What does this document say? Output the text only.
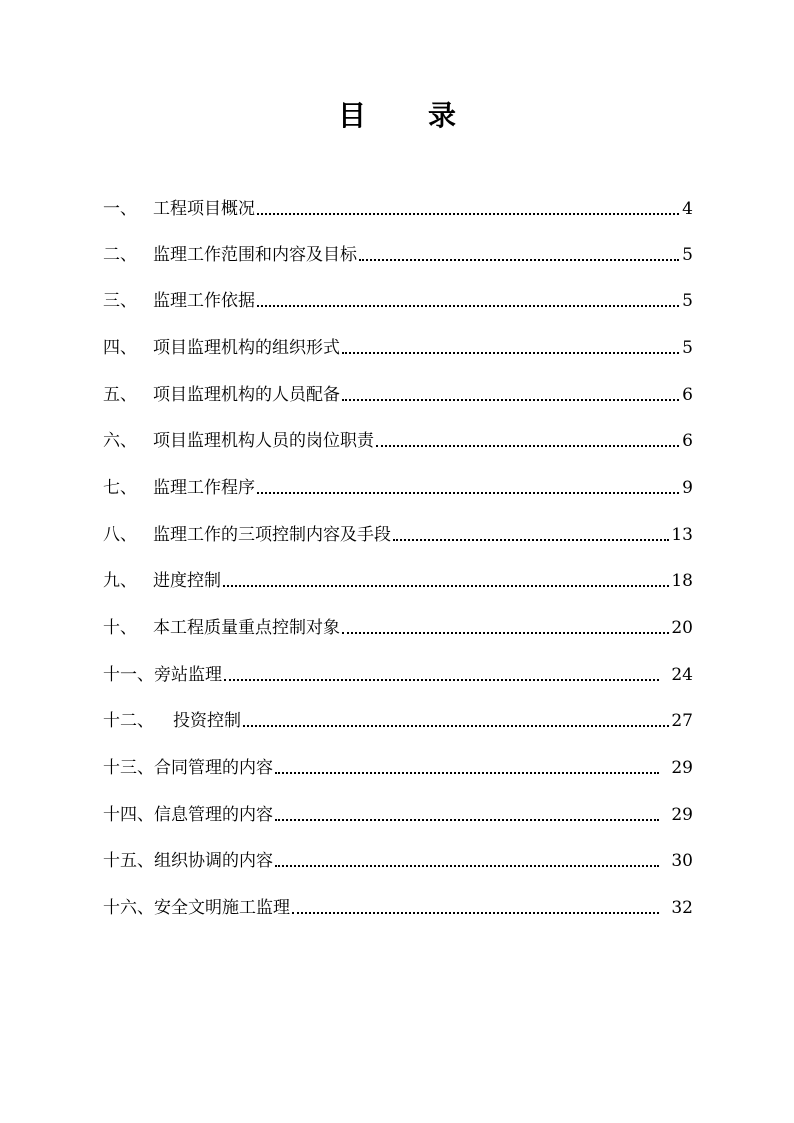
目 录
一、 工程项目概况	4
二、 监理工作范围和内容及目标	5
三、 监理工作依据	5
四、 项目监理机构的组织形式	5
五、 项目监理机构的人员配备	6
六、 项目监理机构人员的岗位职责	6
七、 监理工作程序	9
八、 监理工作的三项控制内容及手段	13
九、 进度控制	18
十、 本工程质量重点控制对象	20
十一、 旁站监理	24
十二、	投资控制	27
十三、 合同管理的内容	29
十四、 信息管理的内容	29
十五、 组织协调的内容	30
十六、 安全文明施工监理	32
